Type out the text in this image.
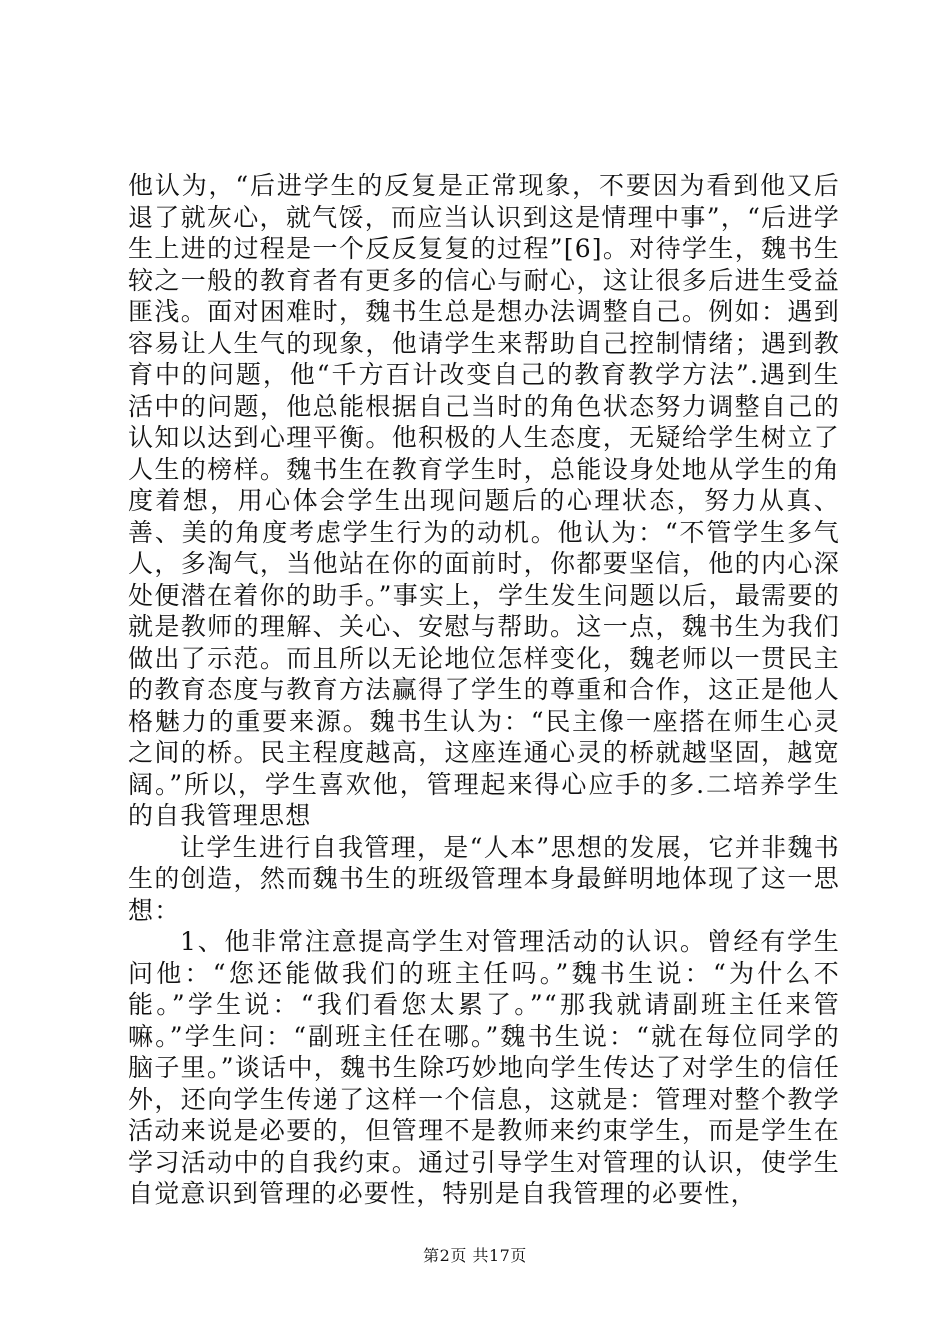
他认为，“后进学生的反复是正常现象，不要因为看到他又后退了就灰心，就气馁，而应当认识到这是情理中事”，“后进学生上进的过程是一个反反复复的过程”[6]。对待学生，魏书生较之一般的教育者有更多的信心与耐心，这让很多后进生受益匪浅。面对困难时，魏书生总是想办法调整自己。例如：遇到容易让人生气的现象，他请学生来帮助自己控制情绪；遇到教育中的问题，他“千方百计改变自己的教育教学方法”.遇到生活中的问题，他总能根据自己当时的角色状态努力调整自己的认知以达到心理平衡。他积极的人生态度，无疑给学生树立了人生的榜样。魏书生在教育学生时，总能设身处地从学生的角度着想，用心体会学生出现问题后的心理状态，努力从真、善、美的角度考虑学生行为的动机。他认为：“不管学生多气人，多淘气，当他站在你的面前时，你都要坚信，他的内心深处便潜在着你的助手。”事实上，学生发生问题以后，最需要的就是教师的理解、关心、安慰与帮助。这一点，魏书生为我们做出了示范。而且所以无论地位怎样变化，魏老师以一贯民主的教育态度与教育方法赢得了学生的尊重和合作，这正是他人格魅力的重要来源。魏书生认为：“民主像一座搭在师生心灵之间的桥。民主程度越高，这座连通心灵的桥就越坚固，越宽阔。”所以，学生喜欢他，管理起来得心应手的多.二培养学生的自我管理思想

让学生进行自我管理，是“人本”思想的发展，它并非魏书生的创造，然而魏书生的班级管理本身最鲜明地体现了这一思想：

1、他非常注意提高学生对管理活动的认识。曾经有学生问他：“您还能做我们的班主任吗。”魏书生说：“为什么不能。”学生说：“我们看您太累了。”“那我就请副班主任来管嘛。”学生问：“副班主任在哪。”魏书生说：“就在每位同学的脑子里。”谈话中，魏书生除巧妙地向学生传达了对学生的信任外，还向学生传递了这样一个信息，这就是：管理对整个教学活动来说是必要的，但管理不是教师来约束学生，而是学生在学习活动中的自我约束。通过引导学生对管理的认识，使学生自觉意识到管理的必要性，特别是自我管理的必要性，

第2页 共17页
